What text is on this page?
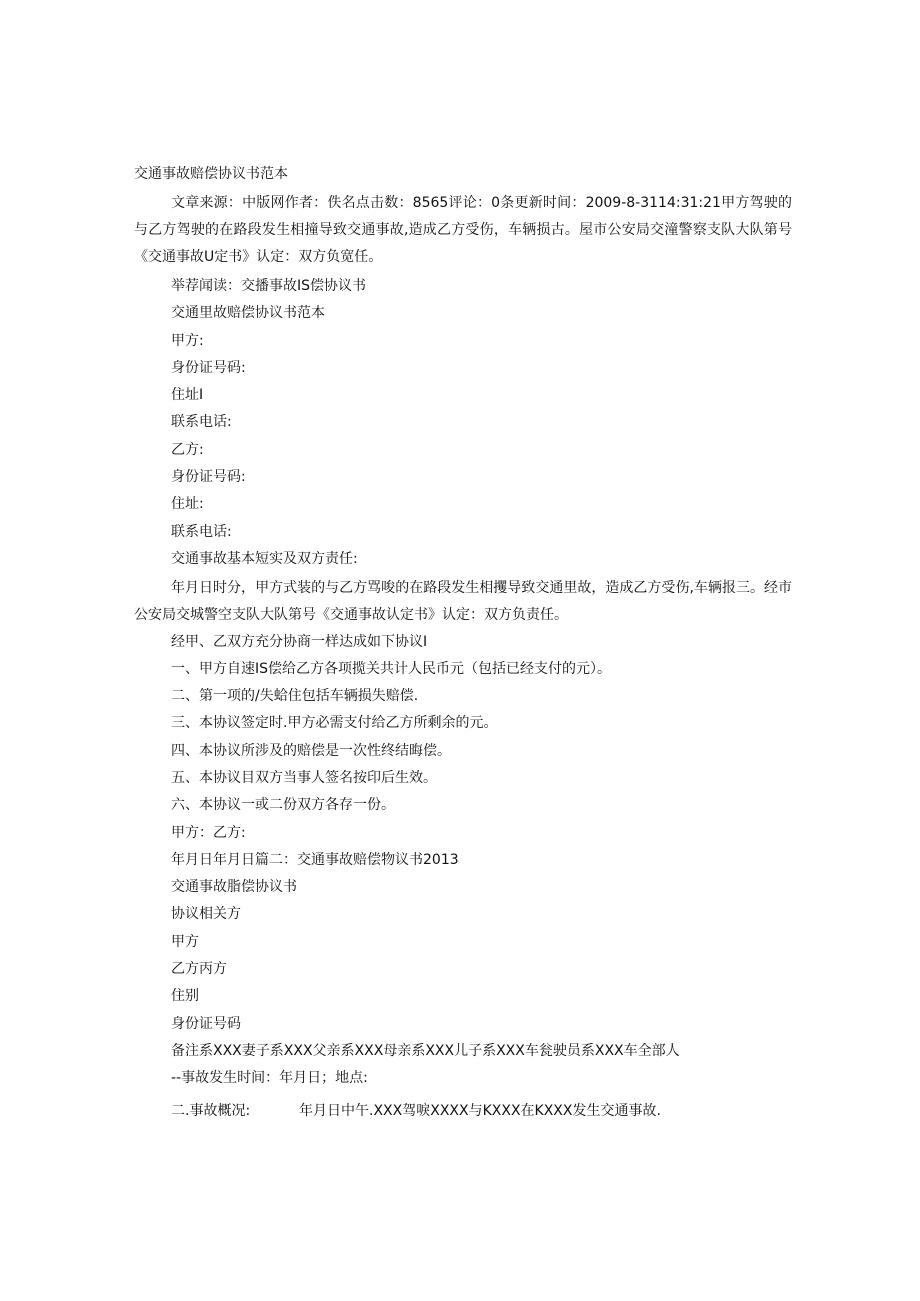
交通事故赔偿协议书范本

文章来源：中版网作者：佚名点击数：8565评论：0条更新时间：2009-8-3114:31:21甲方驾驶的与乙方驾驶的在路段发生相撞导致交通事故,造成乙方受伤，车辆损古。屋市公安局交潼警察支队大队第号《交通事故U定书》认定：双方负宽任。

举荐闻读：交播事故IS偿协议书
交通里故赔偿协议书范本
甲方:
身份证号码:
住址I
联系电话:
乙方:
身份证号码:
住址:
联系电话:
交通事故基本短实及双方责任:

年月日时分，甲方式装的与乙方骂唆的在路段发生相攫导致交通里故，造成乙方受伤,车辆报三。经市公安局交城警空支队大队第号《交通事故认定书》认定：双方负责任。

经甲、乙双方充分协商一样达成如下协议I
一、甲方自速IS偿给乙方各项揽关共计人民币元（包括已经支付的元）。
二、第一项的/失蛤住包括车辆损失赔偿.
三、本协议签定时.甲方必需支付给乙方所剩余的元。
四、本协议所涉及的赔偿是一次性终结晦偿。
五、本协议目双方当事人签名按印后生效。
六、本协议一或二份双方各存一份。
甲方：乙方:
年月日年月日篇二：交通事故赔偿物议书2013
交通事故脂偿协议书
协议相关方
甲方
乙方丙方
住别
身份证号码
备注系XXX妻子系XXX父亲系XXX母亲系XXX儿子系XXX车瓮驶员系XXX车全部人
--事故发生时间：年月日；地点:
二.事故概况:	年月日中午.XXX驾唳XXXX与KXXX在KXXX发生交通事故.
